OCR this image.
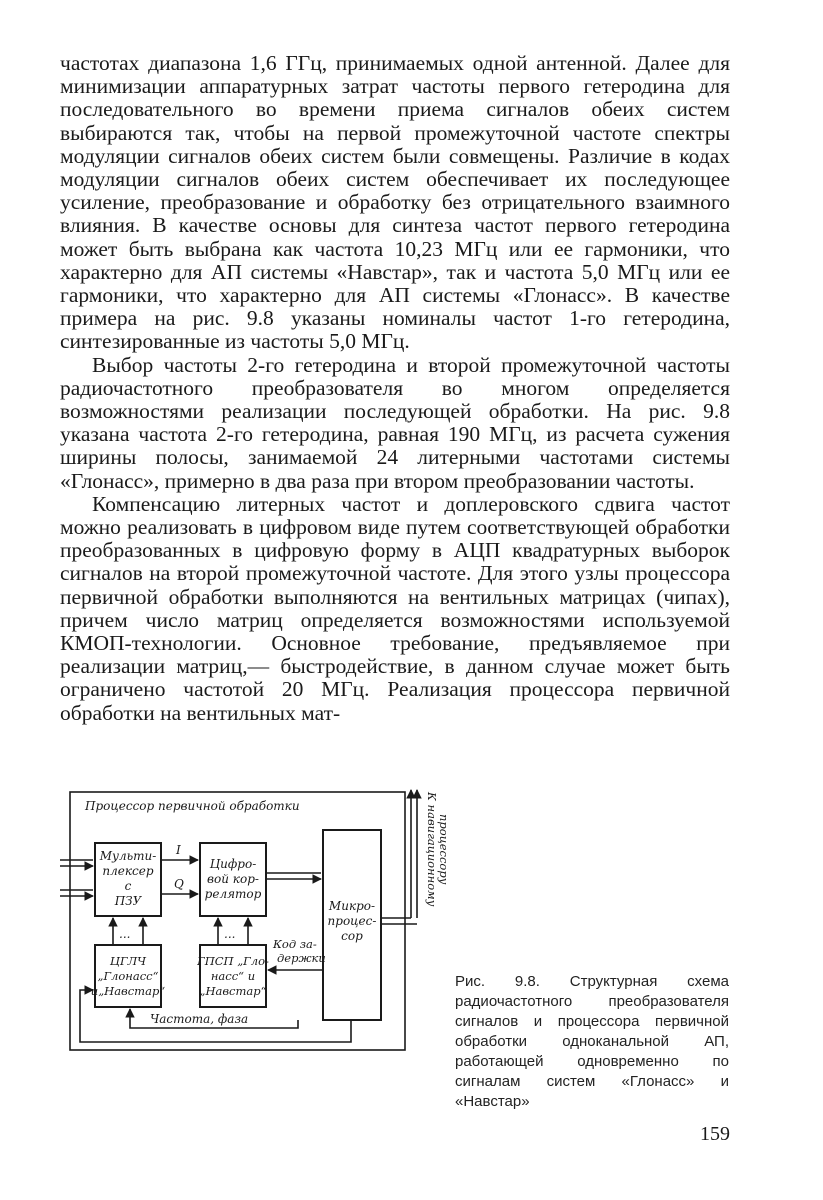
частотах диапазона 1,6 ГГц, принимаемых одной антенной. Далее для минимизации аппаратурных затрат частоты первого гетеродина для последовательного во времени приема сигналов обеих систем выбираются так, чтобы на первой промежуточной частоте спектры модуляции сигналов обеих систем были совмещены. Различие в кодах модуляции сигналов обеих систем обеспечивает их последующее усиление, преобразование и обработку без отрицательного взаимного влияния. В качестве основы для синтеза частот первого гетеродина может быть выбрана как частота 10,23 МГц или ее гармоники, что характерно для АП системы «Навстар», так и частота 5,0 МГц или ее гармоники, что характерно для АП системы «Глонасс». В качестве примера на рис. 9.8 указаны номиналы частот 1-го гетеродина, синтезированные из частоты 5,0 МГц.

Выбор частоты 2-го гетеродина и второй промежуточной частоты радиочастотного преобразователя во многом определяется возможностями реализации последующей обработки. На рис. 9.8 указана частота 2-го гетеродина, равная 190 МГц, из расчета сужения ширины полосы, занимаемой 24 литерными частотами системы «Глонасс», примерно в два раза при втором преобразовании частоты.

Компенсацию литерных частот и доплеровского сдвига частот можно реализовать в цифровом виде путем соответствующей обработки преобразованных в цифровую форму в АЦП квадратурных выборок сигналов на второй промежуточной частоте. Для этого узлы процессора первичной обработки выполняются на вентильных матрицах (чипах), причем число матриц определяется возможностями используемой КМОП-технологии. Основное требование, предъявляемое при реализации матриц,— быстродействие, в данном случае может быть ограничено частотой 20 МГц. Реализация процессора первичной обработки на вентильных мат-

Процессор первичной обработки
Мульти-
плексер
с
ПЗУ
Цифро-
вой кор-
релятор
Микро-
процес-
сор
ЦГЛЧ
„Глонасс“
и„Навстар“
ГПСП „Гло-
насс“ и
„Навстар“
I
Q
...	...
Код за-
держки
Частота, фаза
К навигационному
процессору
Рис. 9.8. Структурная схема радиочастотного преобразователя сигналов и процессора первичной обработки одноканальной АП, работающей одновременно по сигналам систем «Глонасс» и «Навстар»
159
